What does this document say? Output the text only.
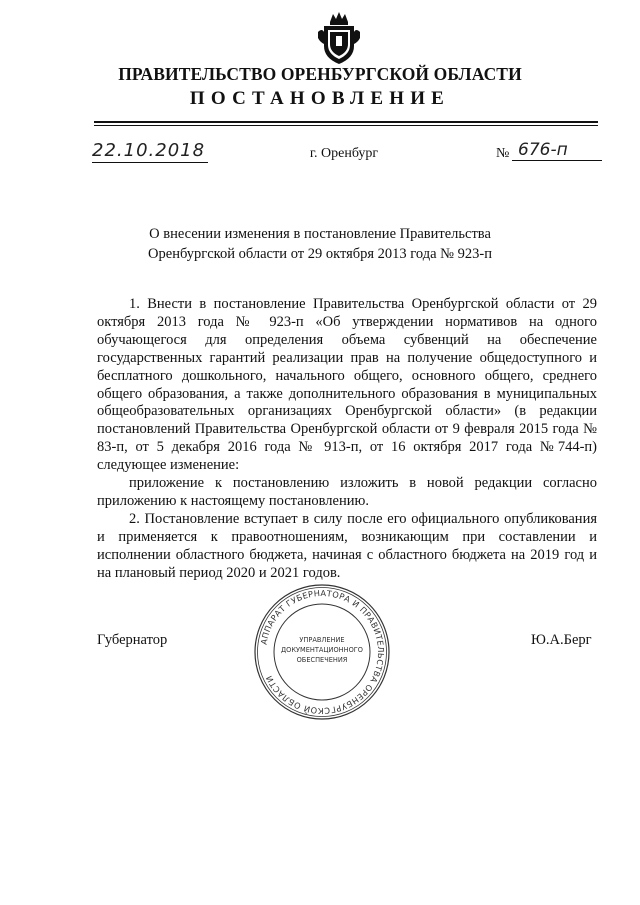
ПРАВИТЕЛЬСТВО ОРЕНБУРГСКОЙ ОБЛАСТИ
ПОСТАНОВЛЕНИЕ
22.10.2018	г. Оренбург	№ 676-п
О внесении изменения в постановление Правительства
Оренбургской области от 29 октября 2013 года № 923-п

1. Внести в постановление Правительства Оренбургской области от 29 октября 2013 года № 923-п «Об утверждении нормативов на одного обучающегося для определения объема субвенций на обеспечение государственных гарантий реализации прав на получение общедоступного и бесплатного дошкольного, начального общего, основного общего, среднего общего образования, а также дополнительного образования в муниципальных общеобразовательных организациях Оренбургской области» (в редакции постановлений Правительства Оренбургской области от 9 февраля 2015 года № 83-п, от 5 декабря 2016 года № 913-п, от 16 октября 2017 года №744-п) следующее изменение:

приложение к постановлению изложить в новой редакции согласно приложению к настоящему постановлению.

2. Постановление вступает в силу после его официального опубликования и применяется к правоотношениям, возникающим при составлении и исполнении областного бюджета, начиная с областного бюджета на 2019 год и на плановый период 2020 и 2021 годов.

Губернатор	Ю.А.Берг
АППАРАТ ГУБЕРНАТОРА И ПРАВИТЕЛЬСТВА ОРЕНБУРГСКОЙ ОБЛАСТИ
УПРАВЛЕНИЕ
ДОКУМЕНТАЦИОННОГО
ОБЕСПЕЧЕНИЯ
